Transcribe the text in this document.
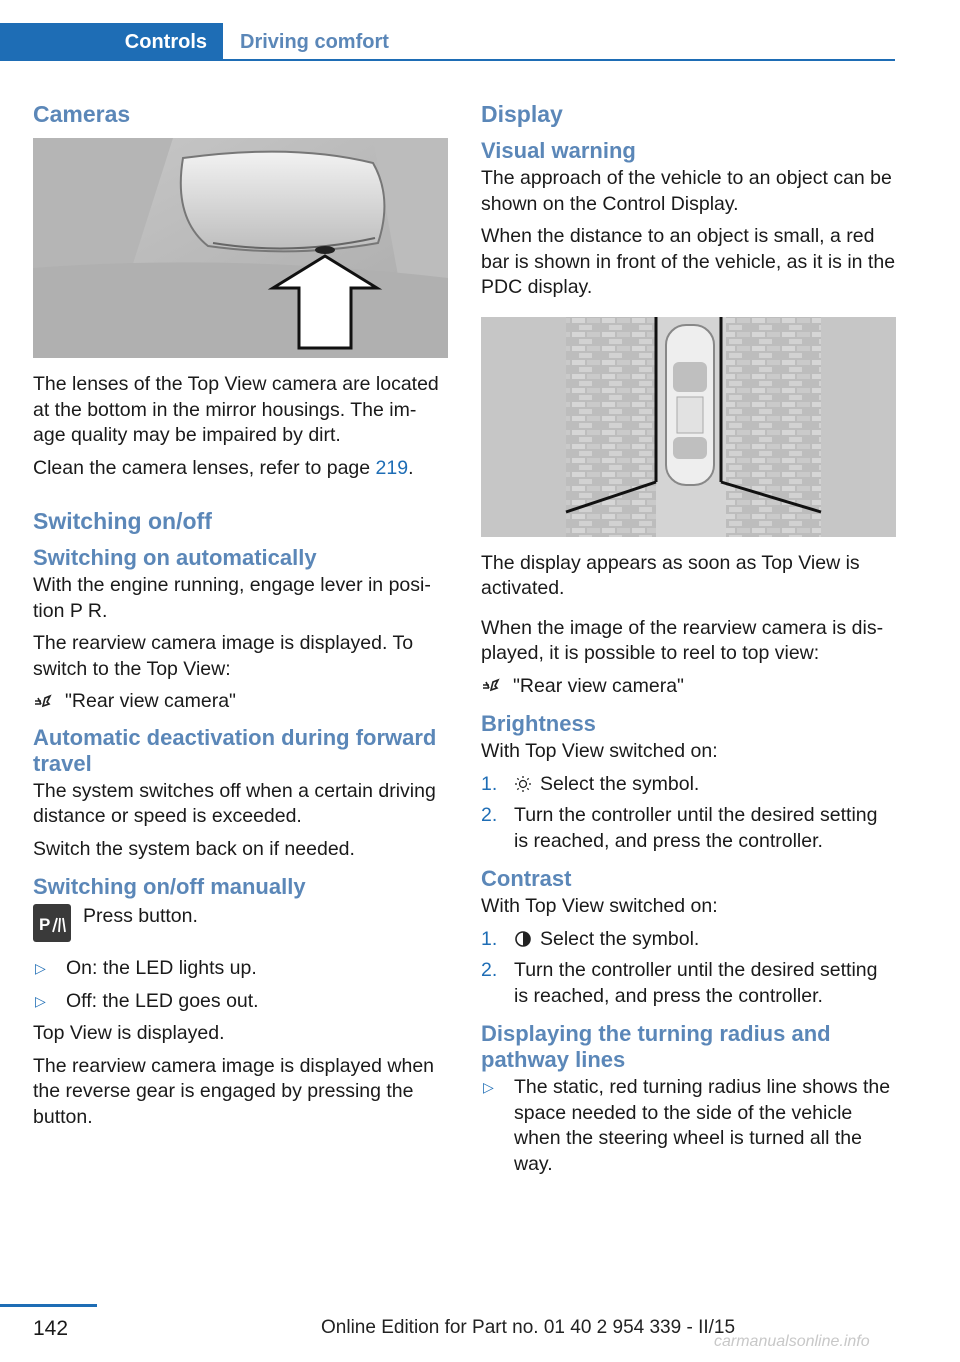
Controls	Driving comfort
Cameras

The lenses of the Top View camera are located at the bottom in the mirror housings. The im‐age quality may be impaired by dirt.

Clean the camera lenses, refer to page 219.

Switching on/off
Switching on automatically

With the engine running, engage lever in posi‐tion P R.

The rearview camera image is displayed. To switch to the Top View:

"Rear view camera"
Automatic deactivation during forward travel

The system switches off when a certain driving distance or speed is exceeded.

Switch the system back on if needed.

Switching on/off manually
P Press button.
▷ On: the LED lights up.
▷ Off: the LED goes out.

Top View is displayed.

The rearview camera image is displayed when the reverse gear is engaged by pressing the button.

Display
Visual warning

The approach of the vehicle to an object can be shown on the Control Display.

When the distance to an object is small, a red bar is shown in front of the vehicle, as it is in the PDC display.

The display appears as soon as Top View is activated.

When the image of the rearview camera is dis‐played, it is possible to reel to top view:

"Rear view camera"
Brightness

With Top View switched on:

1. Select the symbol.
2. Turn the controller until the desired setting is reached, and press the controller.
Contrast

With Top View switched on:

1. Select the symbol.
2. Turn the controller until the desired setting is reached, and press the controller.
Displaying the turning radius and pathway lines
▷ The static, red turning radius line shows the space needed to the side of the vehicle when the steering wheel is turned all the way.
142	Online Edition for Part no. 01 40 2 954 339 - II/15
carmanualsonline.info
